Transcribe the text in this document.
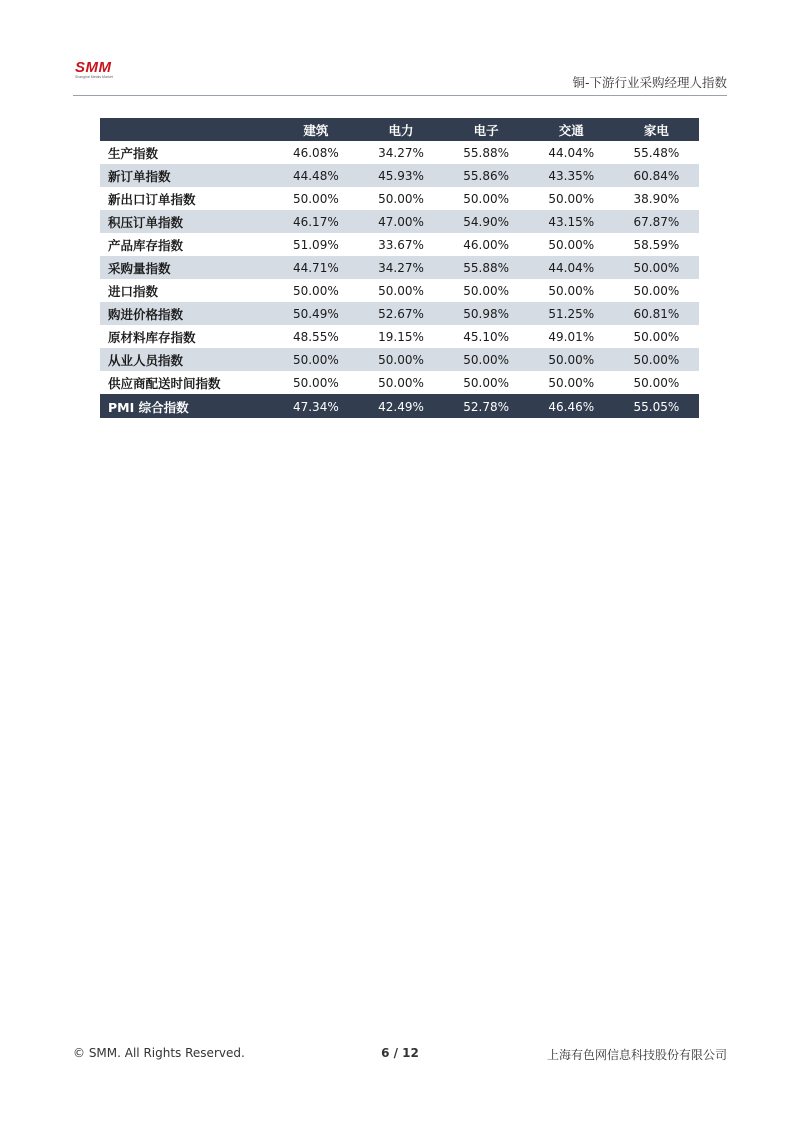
SMM
Shanghai Metals Market	铜-下游行业采购经理人指数
	建筑	电力	电子	交通	家电
生产指数	46.08%	34.27%	55.88%	44.04%	55.48%
新订单指数	44.48%	45.93%	55.86%	43.35%	60.84%
新出口订单指数	50.00%	50.00%	50.00%	50.00%	38.90%
积压订单指数	46.17%	47.00%	54.90%	43.15%	67.87%
产品库存指数	51.09%	33.67%	46.00%	50.00%	58.59%
采购量指数	44.71%	34.27%	55.88%	44.04%	50.00%
进口指数	50.00%	50.00%	50.00%	50.00%	50.00%
购进价格指数	50.49%	52.67%	50.98%	51.25%	60.81%
原材料库存指数	48.55%	19.15%	45.10%	49.01%	50.00%
从业人员指数	50.00%	50.00%	50.00%	50.00%	50.00%
供应商配送时间指数	50.00%	50.00%	50.00%	50.00%	50.00%
PMI 综合指数	47.34%	42.49%	52.78%	46.46%	55.05%
© SMM. All Rights Reserved.	6 / 12	上海有色网信息科技股份有限公司
